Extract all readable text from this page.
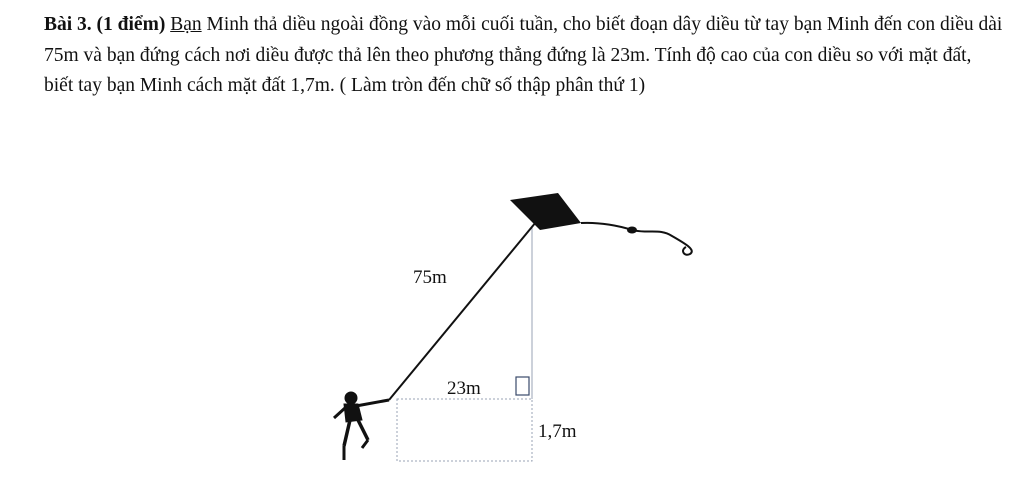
Bài 3. (1 điểm) Bạn Minh thả diều ngoài đồng vào mỗi cuối tuần, cho biết đoạn dây diều từ tay bạn Minh đến con diều dài 75m và bạn đứng cách nơi diều được thả lên theo phương thẳng đứng là 23m. Tính độ cao của con diều so với mặt đất, biết tay bạn Minh cách mặt đất 1,7m. ( Làm tròn đến chữ số thập phân thứ 1)

75m
23m
1,7m
